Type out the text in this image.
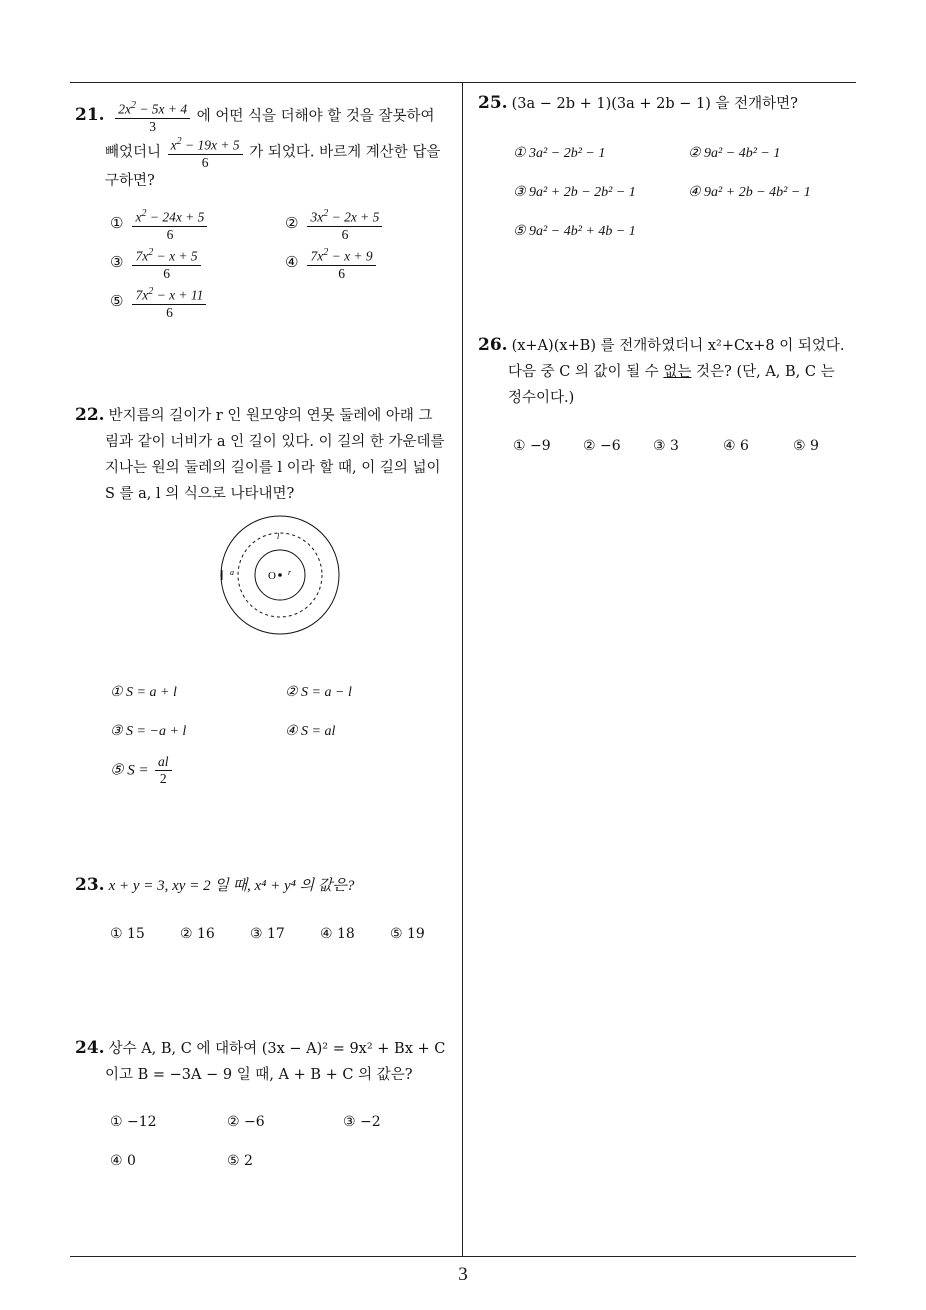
21. $\frac{2x^2 - 5x + 4}{3}$ 에 어떤 식을 더해야 할 것을 잘못하여
빼었더니 $\frac{x^2 - 19x + 5}{6}$ 가 되었다. 바르게 계산한 답을
구하면?
① $\frac{x^2 - 24x + 5}{6}$	② $\frac{3x^2 - 2x + 5}{6}$
③ $\frac{7x^2 - x + 5}{6}$	④ $\frac{7x^2 - x + 9}{6}$
⑤ $\frac{7x^2 - x + 11}{6}$
22. 반지름의 길이가 r 인 원모양의 연못 둘레에 아래 그
림과 같이 너비가 a 인 길이 있다. 이 길의 한 가운데를
지나는 원의 둘레의 길이를 l 이라 할 때, 이 길의 넓이
S 를 a, l 의 식으로 나타내면?
O r
a
l
① S = a + l	② S = a − l
③ S = −a + l	④ S = al
⑤ $S = \frac{al}{2}$
23. x + y = 3, xy = 2 일 때, x⁴ + y⁴ 의 값은?
① 15	② 16	③ 17	④ 18	⑤ 19
24. 상수 A, B, C 에 대하여 (3x − A)² = 9x² + Bx + C
이고 B = −3A − 9 일 때, A + B + C 의 값은?
① −12	② −6	③ −2
④ 0	⑤ 2
25. (3a − 2b + 1)(3a + 2b − 1) 을 전개하면?
① 3a² − 2b² − 1	② 9a² − 4b² − 1
③ 9a² + 2b − 2b² − 1	④ 9a² + 2b − 4b² − 1
⑤ 9a² − 4b² + 4b − 1
26. (x+A)(x+B) 를 전개하였더니 x²+Cx+8 이 되었다.
다음 중 C 의 값이 될 수 없는 것은? (단, A, B, C 는
정수이다.)
① −9 ② −6 ③ 3	④ 6	⑤ 9
3
